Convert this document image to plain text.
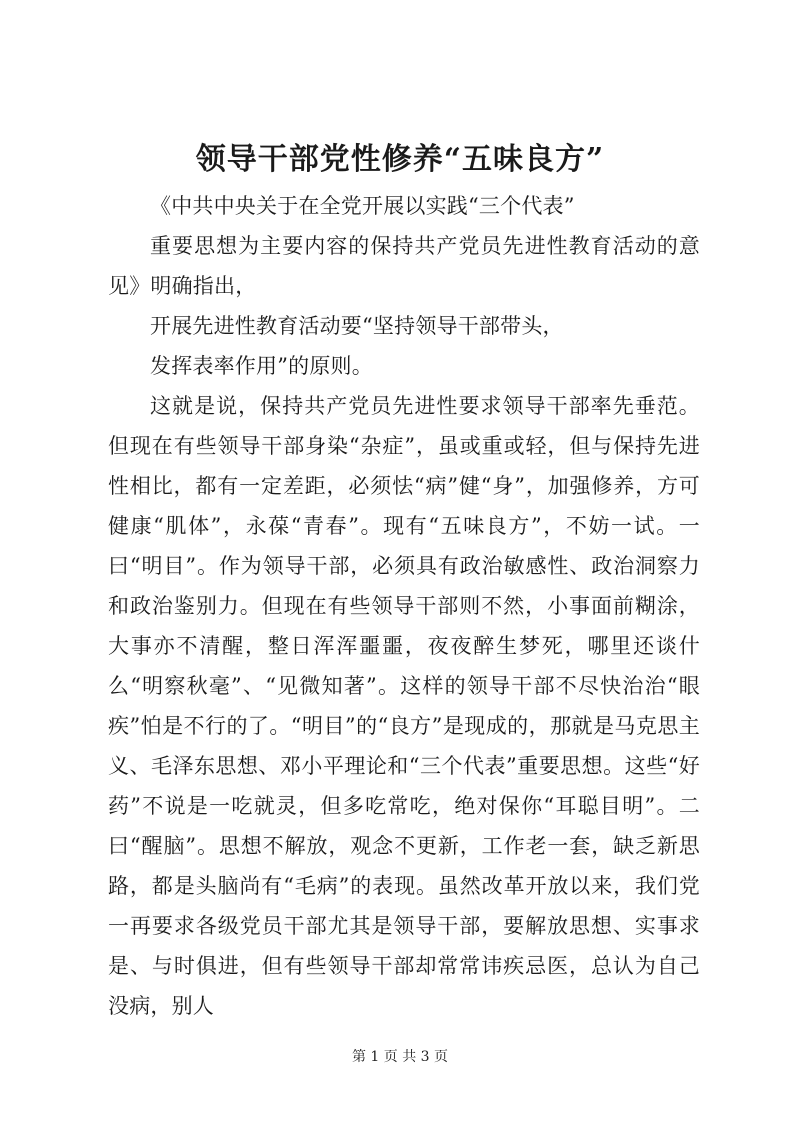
领导干部党性修养“五味良方”

《中共中央关于在全党开展以实践“三个代表”

重要思想为主要内容的保持共产党员先进性教育活动的意见》明确指出，

开展先进性教育活动要“坚持领导干部带头，

发挥表率作用”的原则。

这就是说，保持共产党员先进性要求领导干部率先垂范。但现在有些领导干部身染“杂症”，虽或重或轻，但与保持先进性相比，都有一定差距，必须怯“病”健“身”，加强修养，方可健康“肌体”，永葆“青春”。现有“五味良方”，不妨一试。一曰“明目”。作为领导干部，必须具有政治敏感性、政治洞察力和政治鉴别力。但现在有些领导干部则不然，小事面前糊涂，大事亦不清醒，整日浑浑噩噩，夜夜醉生梦死，哪里还谈什么“明察秋毫”、“见微知著”。这样的领导干部不尽快治治“眼疾”怕是不行的了。“明目”的“良方”是现成的，那就是马克思主义、毛泽东思想、邓小平理论和“三个代表”重要思想。这些“好药”不说是一吃就灵，但多吃常吃，绝对保你“耳聪目明”。二曰“醒脑”。思想不解放，观念不更新，工作老一套，缺乏新思路，都是头脑尚有“毛病”的表现。虽然改革开放以来，我们党一再要求各级党员干部尤其是领导干部，要解放思想、实事求是、与时俱进，但有些领导干部却常常讳疾忌医，总认为自己没病，别人

第 1 页 共 3 页
